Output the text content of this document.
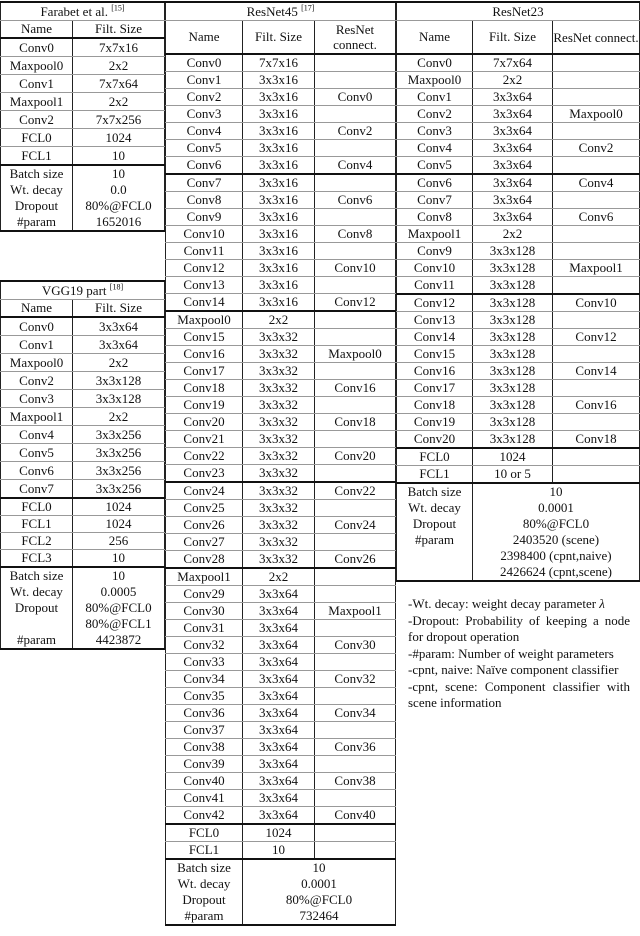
Farabet et al. [15]
Name	Filt. Size
Conv0	7x7x16
Maxpool0	2x2
Conv1	7x7x64
Maxpool1	2x2
Conv2	7x7x256
FCL0	1024
FCL1	10
Batch size	10
Wt. decay	0.0
Dropout	80%@FCL0
#param	1652016
VGG19 part [18]
Name	Filt. Size
Conv0	3x3x64
Conv1	3x3x64
Maxpool0	2x2
Conv2	3x3x128
Conv3	3x3x128
Maxpool1	2x2
Conv4	3x3x256
Conv5	3x3x256
Conv6	3x3x256
Conv7	3x3x256
FCL0	1024
FCL1	1024
FCL2	256
FCL3	10
Batch size	10
Wt. decay	0.0005
Dropout	80%@FCL0
	80%@FCL1
#param	4423872
ResNet45 [17]
Name	Filt. Size	ResNet connect.
Conv0	7x7x16	
Conv1	3x3x16	
Conv2	3x3x16	Conv0
Conv3	3x3x16	
Conv4	3x3x16	Conv2
Conv5	3x3x16	
Conv6	3x3x16	Conv4
Conv7	3x3x16	
Conv8	3x3x16	Conv6
Conv9	3x3x16	
Conv10	3x3x16	Conv8
Conv11	3x3x16	
Conv12	3x3x16	Conv10
Conv13	3x3x16	
Conv14	3x3x16	Conv12
Maxpool0	2x2	
Conv15	3x3x32	
Conv16	3x3x32	Maxpool0
Conv17	3x3x32	
Conv18	3x3x32	Conv16
Conv19	3x3x32	
Conv20	3x3x32	Conv18
Conv21	3x3x32	
Conv22	3x3x32	Conv20
Conv23	3x3x32	
Conv24	3x3x32	Conv22
Conv25	3x3x32	
Conv26	3x3x32	Conv24
Conv27	3x3x32	
Conv28	3x3x32	Conv26
Maxpool1	2x2	
Conv29	3x3x64	
Conv30	3x3x64	Maxpool1
Conv31	3x3x64	
Conv32	3x3x64	Conv30
Conv33	3x3x64	
Conv34	3x3x64	Conv32
Conv35	3x3x64	
Conv36	3x3x64	Conv34
Conv37	3x3x64	
Conv38	3x3x64	Conv36
Conv39	3x3x64	
Conv40	3x3x64	Conv38
Conv41	3x3x64	
Conv42	3x3x64	Conv40
FCL0	1024	
FCL1	10	
Batch size	10	
Wt. decay	0.0001	
Dropout	80%@FCL0	
#param	732464	
ResNet23		
Name	Filt. Size	ResNet connect.
Conv0	7x7x64	
Maxpool0	2x2	
Conv1	3x3x64	
Conv2	3x3x64	Maxpool0
Conv3	3x3x64	
Conv4	3x3x64	Conv2
Conv5	3x3x64	
Conv6	3x3x64	Conv4
Conv7	3x3x64	
Conv8	3x3x64	Conv6
Maxpool1	2x2	
Conv9	3x3x128	
Conv10	3x3x128	Maxpool1
Conv11	3x3x128	
Conv12	3x3x128	Conv10
Conv13	3x3x128	
Conv14	3x3x128	Conv12
Conv15	3x3x128	
Conv16	3x3x128	Conv14
Conv17	3x3x128	
Conv18	3x3x128	Conv16
Conv19	3x3x128	
Conv20	3x3x128	Conv18
FCL0	1024	
FCL1	10 or 5	
Batch size	10	
Wt. decay	0.0001	
Dropout	80%@FCL0	
#param	2403520 (scene)	
	2398400 (cpnt,naive)	
	2426624 (cpnt,scene)	
-Wt. decay: weight decay parameter λ
-Dropout: Probability of keeping a node for dropout operation
-#param: Number of weight parameters
-cpnt, naive: Naïve component classifier
-cpnt, scene: Component classifier with scene information
